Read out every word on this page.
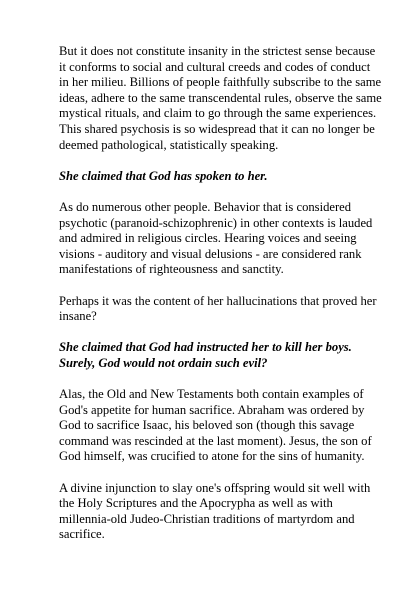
But it does not constitute insanity in the strictest sense because it conforms to social and cultural creeds and codes of conduct in her milieu. Billions of people faithfully subscribe to the same ideas, adhere to the same transcendental rules, observe the same mystical rituals, and claim to go through the same experiences. This shared psychosis is so widespread that it can no longer be deemed pathological, statistically speaking.

She claimed that God has spoken to her.

As do numerous other people. Behavior that is considered psychotic (paranoid-schizophrenic) in other contexts is lauded and admired in religious circles. Hearing voices and seeing visions - auditory and visual delusions - are considered rank manifestations of righteousness and sanctity.

Perhaps it was the content of her hallucinations that proved her insane?

She claimed that God had instructed her to kill her boys. Surely, God would not ordain such evil?

Alas, the Old and New Testaments both contain examples of God's appetite for human sacrifice. Abraham was ordered by God to sacrifice Isaac, his beloved son (though this savage command was rescinded at the last moment). Jesus, the son of God himself, was crucified to atone for the sins of humanity.

A divine injunction to slay one's offspring would sit well with the Holy Scriptures and the Apocrypha as well as with millennia-old Judeo-Christian traditions of martyrdom and sacrifice.
